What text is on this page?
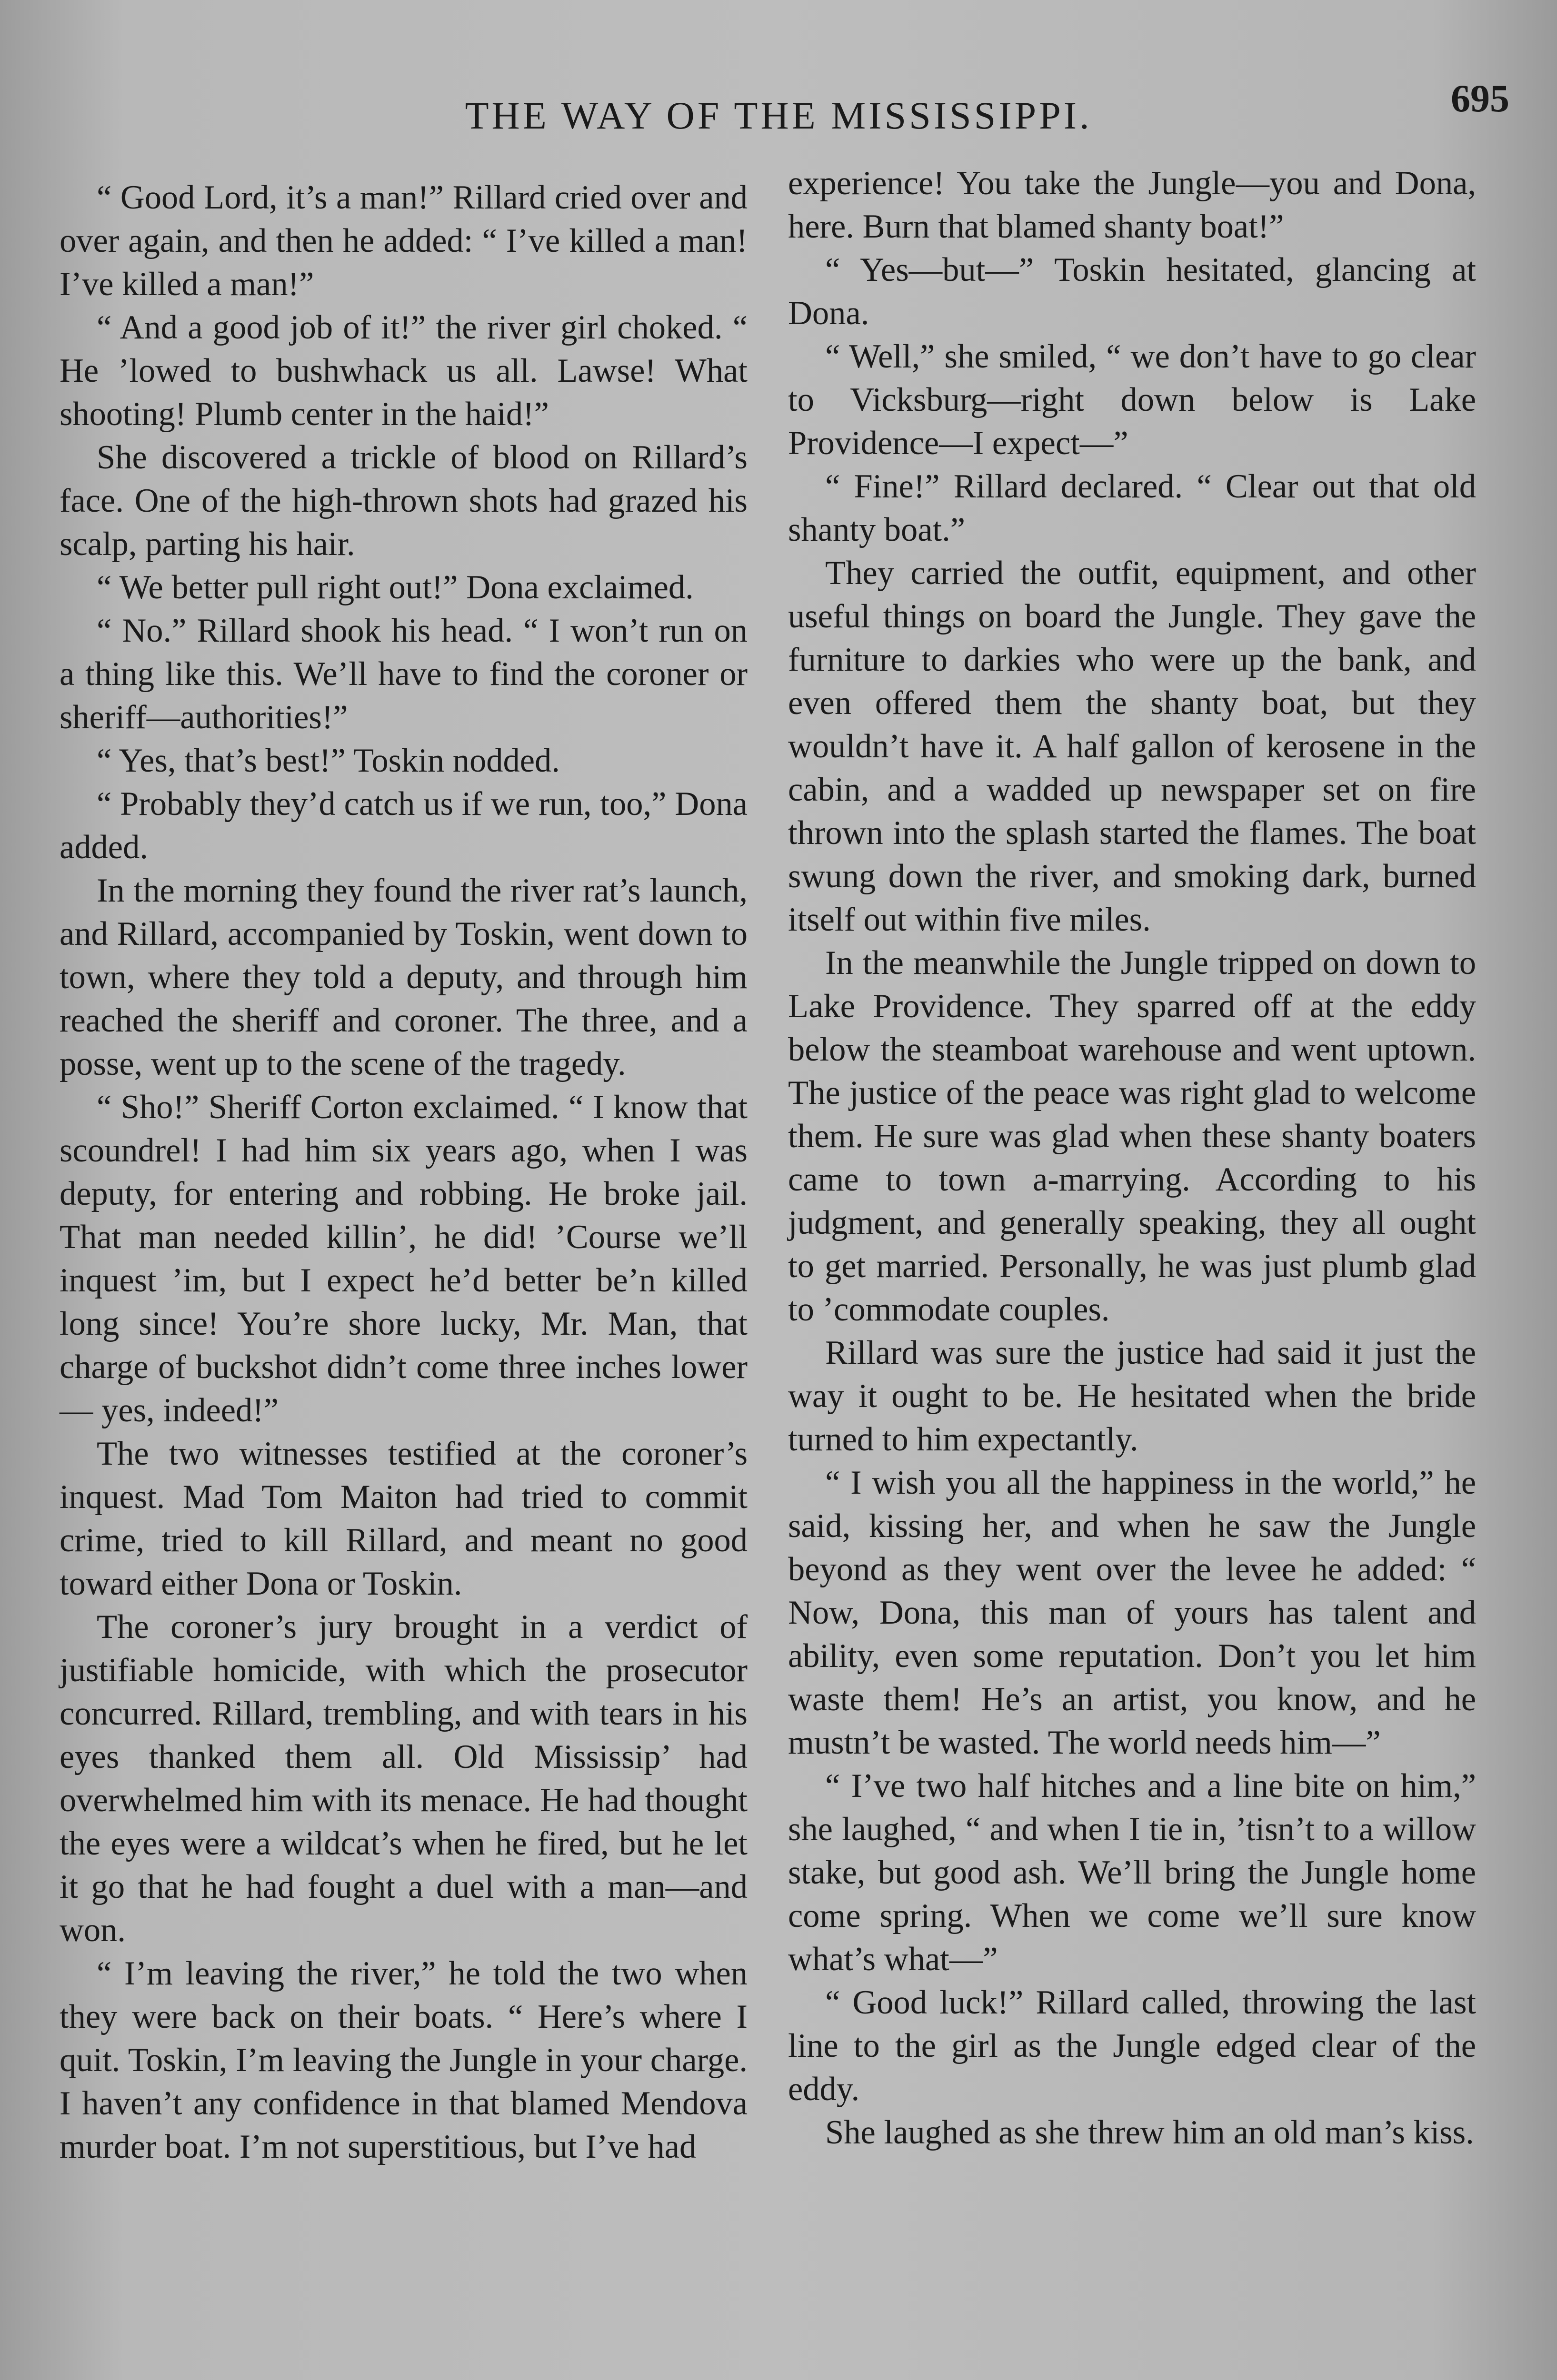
THE WAY OF THE MISSISSIPPI.	695

“ Good Lord, it’s a man!” Rillard cried over and over again, and then he added: “ I’ve killed a man! I’ve killed a man!”

“ And a good job of it!” the river girl choked. “ He ’lowed to bushwhack us all. Lawse! What shooting! Plumb center in the haid!”

She discovered a trickle of blood on Rillard’s face. One of the high-thrown shots had grazed his scalp, parting his hair.

“ We better pull right out!” Dona exclaimed.

“ No.” Rillard shook his head. “ I won’t run on a thing like this. We’ll have to find the coroner or sheriff—authorities!”

“ Yes, that’s best!” Toskin nodded.

“ Probably they’d catch us if we run, too,” Dona added.

In the morning they found the river rat’s launch, and Rillard, accompanied by Toskin, went down to town, where they told a deputy, and through him reached the sheriff and coroner. The three, and a posse, went up to the scene of the tragedy.

“ Sho!” Sheriff Corton exclaimed. “ I know that scoundrel! I had him six years ago, when I was deputy, for entering and robbing. He broke jail. That man needed killin’, he did! ’Course we’ll inquest ’im, but I expect he’d better be’n killed long since! You’re shore lucky, Mr. Man, that charge of buckshot didn’t come three inches lower— yes, indeed!”

The two witnesses testified at the coroner’s inquest. Mad Tom Maiton had tried to commit crime, tried to kill Rillard, and meant no good toward either Dona or Toskin.

The coroner’s jury brought in a verdict of justifiable homicide, with which the prosecutor concurred. Rillard, trembling, and with tears in his eyes thanked them all. Old Mississip’ had overwhelmed him with its menace. He had thought the eyes were a wildcat’s when he fired, but he let it go that he had fought a duel with a man—and won.

“ I’m leaving the river,” he told the two when they were back on their boats. “ Here’s where I quit. Toskin, I’m leaving the Jungle in your charge. I haven’t any confidence in that blamed Mendova murder boat. I’m not superstitious, but I’ve had

experience! You take the Jungle—you and Dona, here. Burn that blamed shanty boat!”

“ Yes—but—” Toskin hesitated, glancing at Dona.

“ Well,” she smiled, “ we don’t have to go clear to Vicksburg—right down below is Lake Providence—I expect—”

“ Fine!” Rillard declared. “ Clear out that old shanty boat.”

They carried the outfit, equipment, and other useful things on board the Jungle. They gave the furniture to darkies who were up the bank, and even offered them the shanty boat, but they wouldn’t have it. A half gallon of kerosene in the cabin, and a wadded up newspaper set on fire thrown into the splash started the flames. The boat swung down the river, and smoking dark, burned itself out within five miles.

In the meanwhile the Jungle tripped on down to Lake Providence. They sparred off at the eddy below the steamboat warehouse and went uptown. The justice of the peace was right glad to welcome them. He sure was glad when these shanty boaters came to town a-marrying. According to his judgment, and generally speaking, they all ought to get married. Personally, he was just plumb glad to ’commodate couples.

Rillard was sure the justice had said it just the way it ought to be. He hesitated when the bride turned to him expectantly.

“ I wish you all the happiness in the world,” he said, kissing her, and when he saw the Jungle beyond as they went over the levee he added: “ Now, Dona, this man of yours has talent and ability, even some reputation. Don’t you let him waste them! He’s an artist, you know, and he mustn’t be wasted. The world needs him—”

“ I’ve two half hitches and a line bite on him,” she laughed, “ and when I tie in, ’tisn’t to a willow stake, but good ash. We’ll bring the Jungle home come spring. When we come we’ll sure know what’s what—”

“ Good luck!” Rillard called, throwing the last line to the girl as the Jungle edged clear of the eddy.

She laughed as she threw him an old man’s kiss.
